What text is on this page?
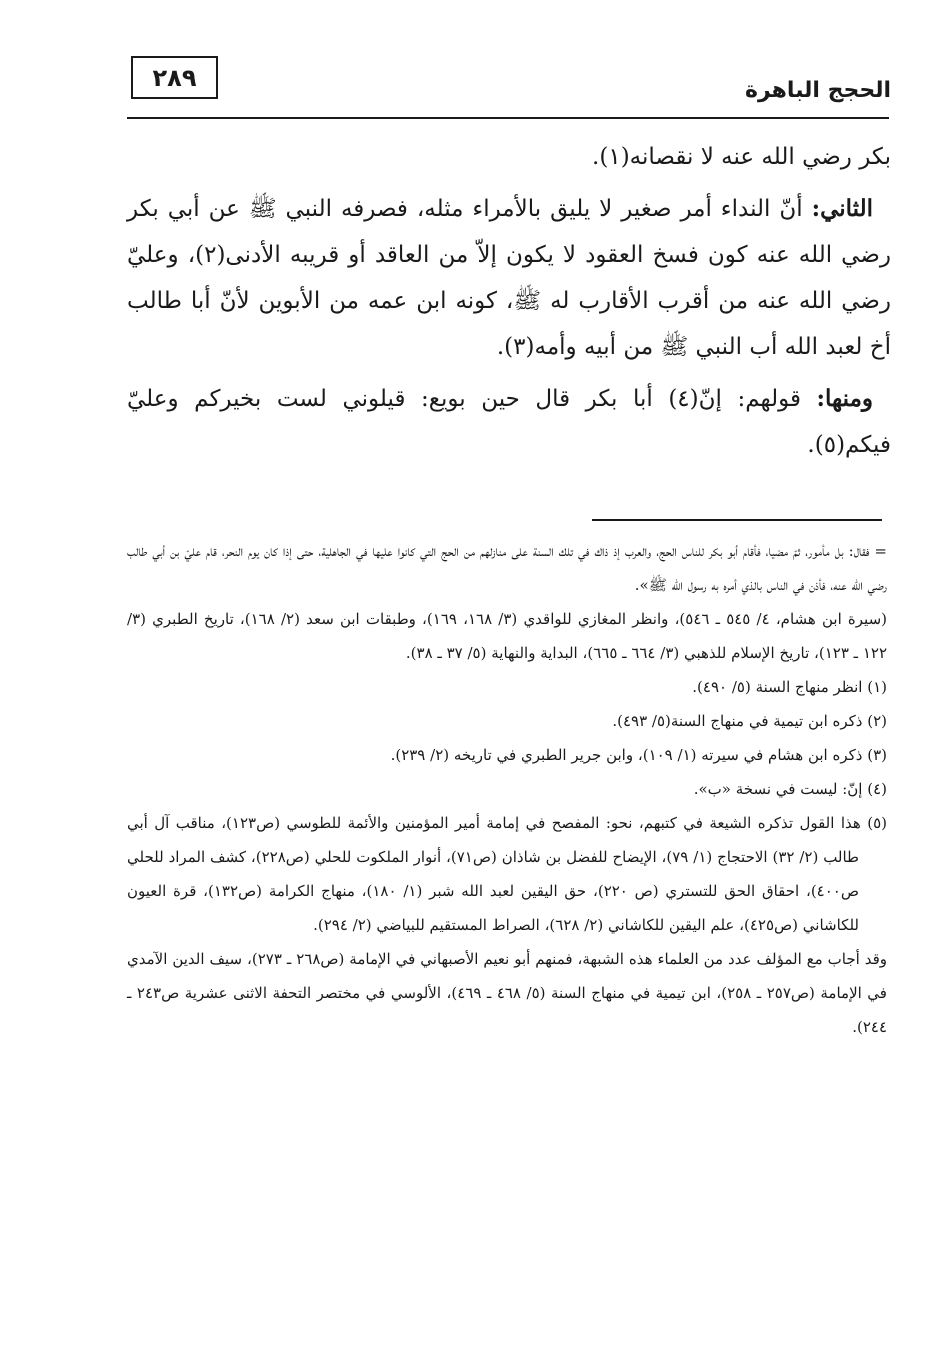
٢٨٩	الحجج الباهرة

بكر رضي الله عنه لا نقصانه(١).

الثاني: أنّ النداء أمر صغير لا يليق بالأمراء مثله، فصرفه النبي ﷺ عن أبي بكر رضي الله عنه كون فسخ العقود لا يكون إلاّ من العاقد أو قريبه الأدنى(٢)، وعليّ رضي الله عنه من أقرب الأقارب له ﷺ، كونه ابن عمه من الأبوين لأنّ أبا طالب أخ لعبد الله أب النبي ﷺ من أبيه وأمه(٣).

ومنها: قولهم: إنّ(٤) أبا بكر قال حين بويع: قيلوني لست بخيركم وعليّ فيكم(٥).

= فقال: بل مأمور، ثمّ مضيا، فأقام أبو بكر للناس الحج، والعرب إذ ذاك في تلك السنة على منازلهم من الحج التي كانوا عليها في الجاهلية، حتى إذا كان يوم النحر، قام عليّ بن أبي طالب رضي الله عنه، فأذن في الناس بالذي أمره به رسول الله ﷺ».

(سيرة ابن هشام، ٤/ ٥٤٥ ـ ٥٤٦)، وانظر المغازي للواقدي (٣/ ١٦٨، ١٦٩)، وطبقات ابن سعد (٢/ ١٦٨)، تاريخ الطبري (٣/ ١٢٢ ـ ١٢٣)، تاريخ الإسلام للذهبي (٣/ ٦٦٤ ـ ٦٦٥)، البداية والنهاية (٥/ ٣٧ ـ ٣٨).

(١) انظر منهاج السنة (٥/ ٤٩٠).

(٢) ذكره ابن تيمية في منهاج السنة(٥/ ٤٩٣).

(٣) ذكره ابن هشام في سيرته (١/ ١٠٩)، وابن جرير الطبري في تاريخه (٢/ ٢٣٩).

(٤) إنّ: ليست في نسخة «ب».

(٥) هذا القول تذكره الشيعة في كتبهم، نحو: المفصح في إمامة أمير المؤمنين والأئمة للطوسي (ص١٢٣)، مناقب آل أبي طالب (٢/ ٣٢) الاحتجاج (١/ ٧٩)، الإيضاح للفضل بن شاذان (ص٧١)، أنوار الملكوت للحلي (ص٢٢٨)، كشف المراد للحلي ص٤٠٠)، احقاق الحق للتستري (ص ٢٢٠)، حق اليقين لعبد الله شبر (١/ ١٨٠)، منهاج الكرامة (ص١٣٢)، قرة العيون للكاشاني (ص٤٢٥)، علم اليقين للكاشاني (٢/ ٦٢٨)، الصراط المستقيم للبياضي (٢/ ٢٩٤).

وقد أجاب مع المؤلف عدد من العلماء هذه الشبهة، فمنهم أبو نعيم الأصبهاني في الإمامة (ص٢٦٨ ـ ٢٧٣)، سيف الدين الآمدي في الإمامة (ص٢٥٧ ـ ٢٥٨)، ابن تيمية في منهاج السنة (٥/ ٤٦٨ ـ ٤٦٩)، الألوسي في مختصر التحفة الاثنى عشرية ص٢٤٣ ـ ٢٤٤).
